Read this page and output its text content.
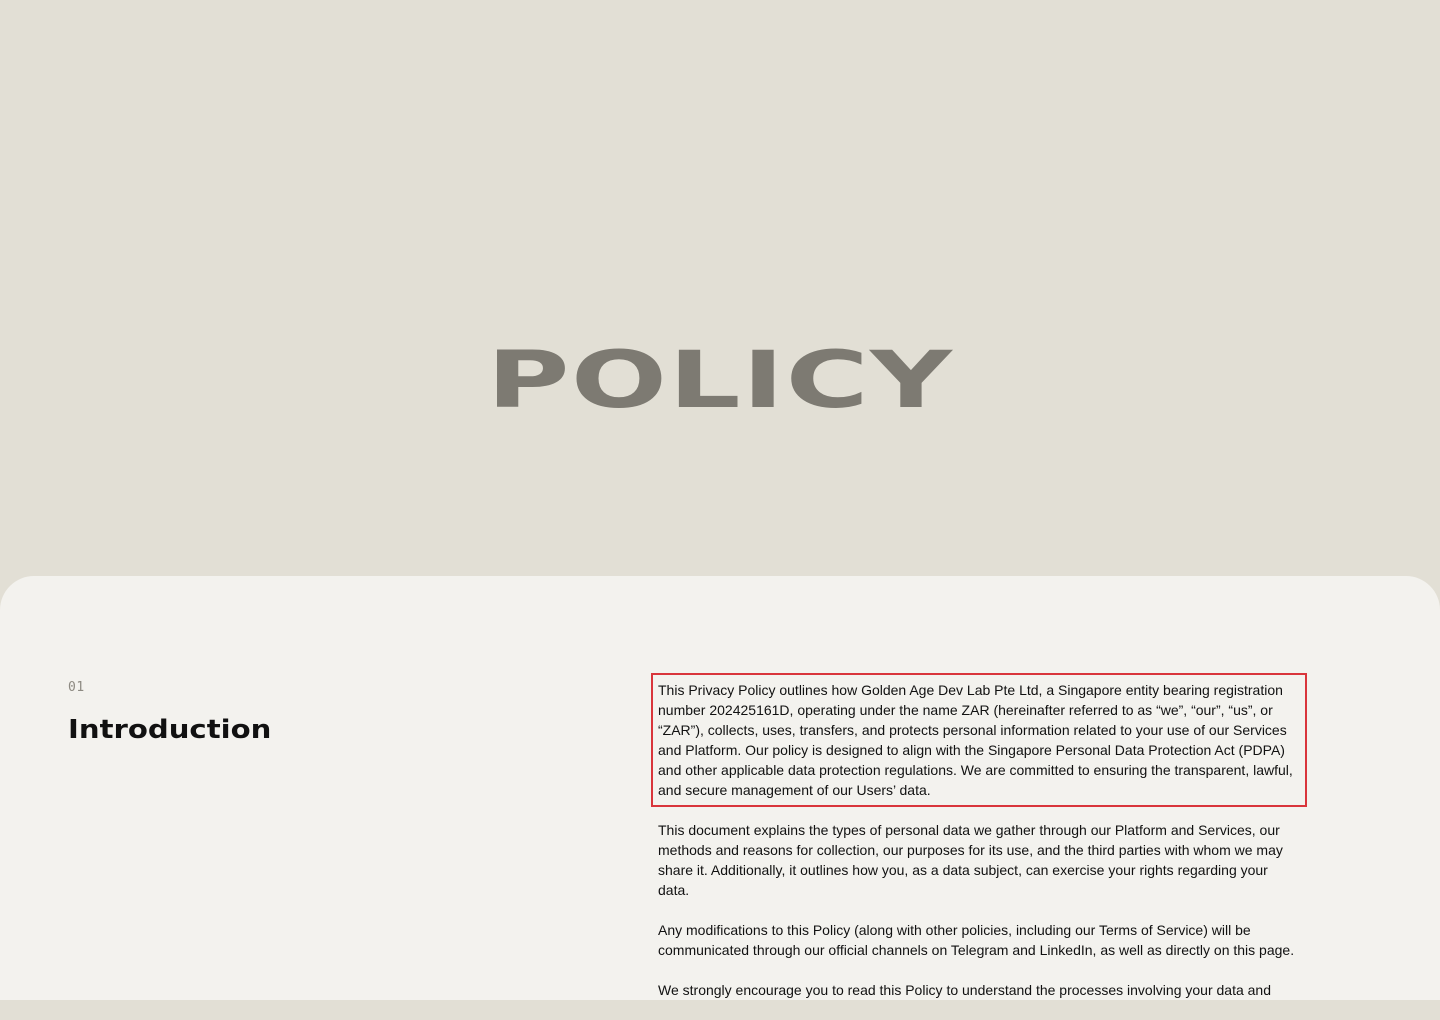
POLICY
01
Introduction

This Privacy Policy outlines how Golden Age Dev Lab Pte Ltd, a Singapore entity bearing registration number 202425161D, operating under the name ZAR (hereinafter referred to as “we”, “our”, “us”, or “ZAR”), collects, uses, transfers, and protects personal information related to your use of our Services and Platform. Our policy is designed to align with the Singapore Personal Data Protection Act (PDPA) and other applicable data protection regulations. We are committed to ensuring the transparent, lawful, and secure management of our Users’ data.

This document explains the types of personal data we gather through our Platform and Services, our methods and reasons for collection, our purposes for its use, and the third parties with whom we may share it. Additionally, it outlines how you, as a data subject, can exercise your rights regarding your data.

Any modifications to this Policy (along with other policies, including our Terms of Service) will be communicated through our official channels on Telegram and LinkedIn, as well as directly on this page.

We strongly encourage you to read this Policy to understand the processes involving your data and
